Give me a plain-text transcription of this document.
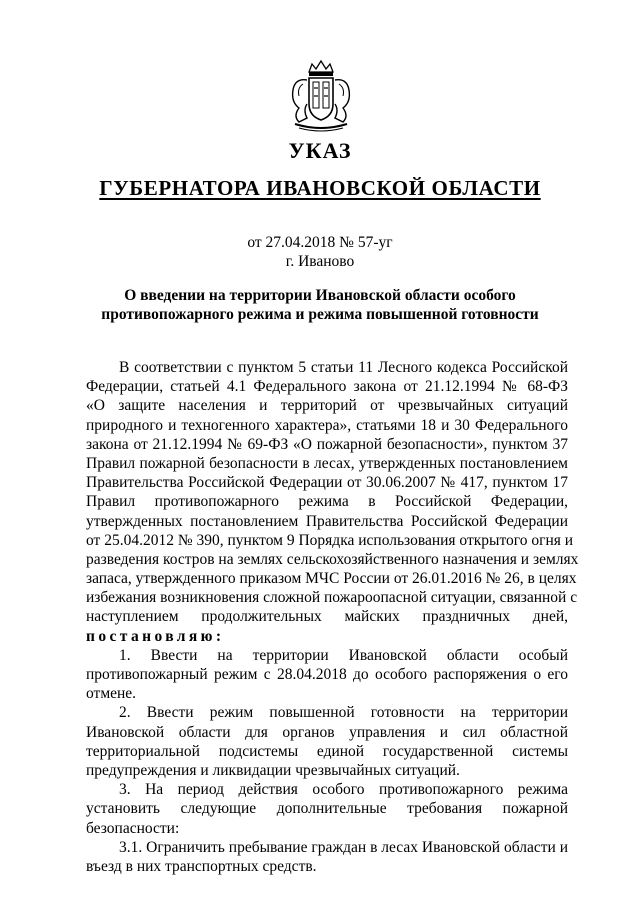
УКАЗ
ГУБЕРНАТОРА ИВАНОВСКОЙ ОБЛАСТИ
от 27.04.2018 № 57-уг
г. Иваново
О введении на территории Ивановской области особого
противопожарного режима и режима повышенной готовности
В соответствии с пунктом 5 статьи 11 Лесного кодекса Российской
Федерации, статьей 4.1 Федерального закона от 21.12.1994 № 68-ФЗ
«О защите населения и территорий от чрезвычайных ситуаций
природного и техногенного характера», статьями 18 и 30 Федерального
закона от 21.12.1994 № 69-ФЗ «О пожарной безопасности», пунктом 37
Правил пожарной безопасности в лесах, утвержденных постановлением
Правительства Российской Федерации от 30.06.2007 № 417, пунктом 17
Правил противопожарного режима в Российской Федерации,
утвержденных постановлением Правительства Российской Федерации
от 25.04.2012 № 390, пунктом 9 Порядка использования открытого огня и
разведения костров на землях сельскохозяйственного назначения и землях
запаса, утвержденного приказом МЧС России от 26.01.2016 № 26, в целях
избежания возникновения сложной пожароопасной ситуации, связанной с
наступлением продолжительных майских праздничных дней,
постановляю:
1. Ввести на территории Ивановской области особый
противопожарный режим с 28.04.2018 до особого распоряжения о его
отмене.
2. Ввести режим повышенной готовности на территории
Ивановской области для органов управления и сил областной
территориальной подсистемы единой государственной системы
предупреждения и ликвидации чрезвычайных ситуаций.
3. На период действия особого противопожарного режима
установить следующие дополнительные требования пожарной
безопасности:
3.1. Ограничить пребывание граждан в лесах Ивановской области и
въезд в них транспортных средств.
